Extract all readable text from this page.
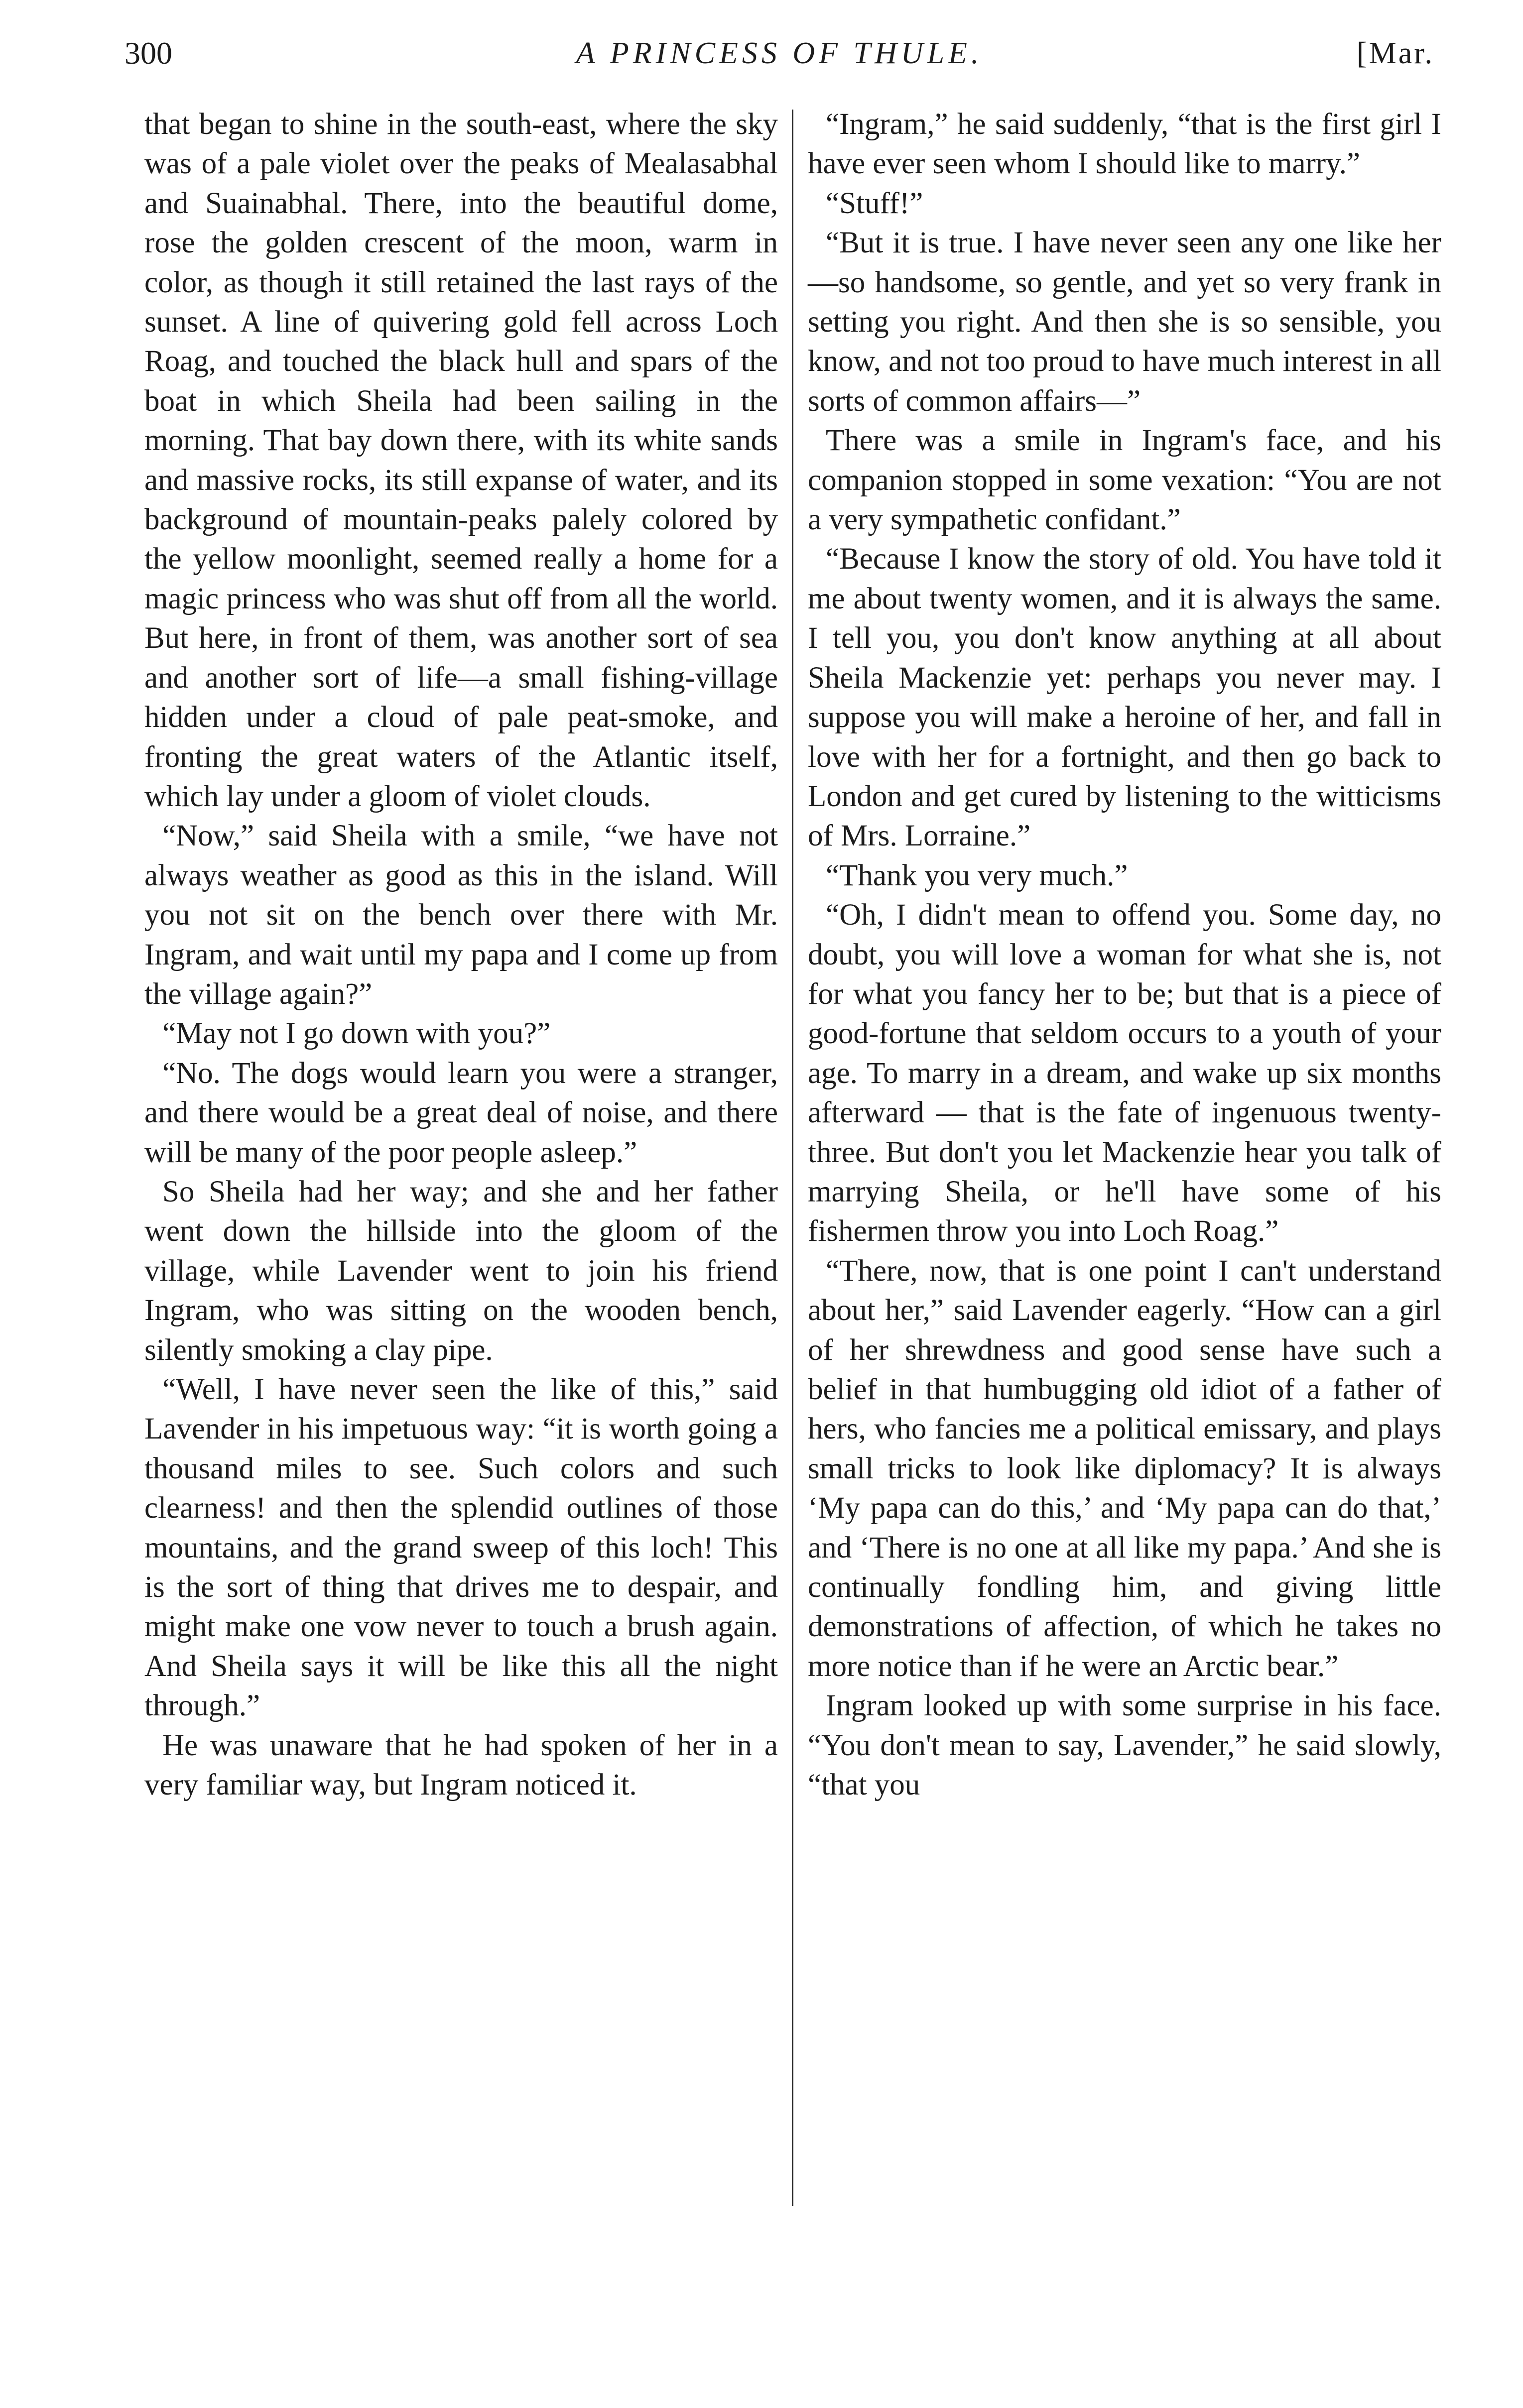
300	A PRINCESS OF THULE.	[Mar.

that began to shine in the south-east, where the sky was of a pale violet over the peaks of Mealasabhal and Suainabhal. There, into the beautiful dome, rose the golden crescent of the moon, warm in color, as though it still retained the last rays of the sunset. A line of quivering gold fell across Loch Roag, and touched the black hull and spars of the boat in which Sheila had been sailing in the morning. That bay down there, with its white sands and massive rocks, its still expanse of water, and its background of mountain-peaks palely colored by the yellow moonlight, seemed really a home for a magic princess who was shut off from all the world. But here, in front of them, was another sort of sea and another sort of life—a small fishing-village hidden under a cloud of pale peat-smoke, and fronting the great waters of the Atlantic itself, which lay under a gloom of violet clouds.

“Now,” said Sheila with a smile, “we have not always weather as good as this in the island. Will you not sit on the bench over there with Mr. Ingram, and wait until my papa and I come up from the village again?”

“May not I go down with you?”

“No. The dogs would learn you were a stranger, and there would be a great deal of noise, and there will be many of the poor people asleep.”

So Sheila had her way; and she and her father went down the hillside into the gloom of the village, while Lavender went to join his friend Ingram, who was sitting on the wooden bench, silently smoking a clay pipe.

“Well, I have never seen the like of this,” said Lavender in his impetuous way: “it is worth going a thousand miles to see. Such colors and such clearness! and then the splendid outlines of those mountains, and the grand sweep of this loch! This is the sort of thing that drives me to despair, and might make one vow never to touch a brush again. And Sheila says it will be like this all the night through.”

He was unaware that he had spoken of her in a very familiar way, but Ingram noticed it.

“Ingram,” he said suddenly, “that is the first girl I have ever seen whom I should like to marry.”

“Stuff!”

“But it is true. I have never seen any one like her—so handsome, so gentle, and yet so very frank in setting you right. And then she is so sensible, you know, and not too proud to have much interest in all sorts of common affairs—”

There was a smile in Ingram's face, and his companion stopped in some vexation: “You are not a very sympathetic confidant.”

“Because I know the story of old. You have told it me about twenty women, and it is always the same. I tell you, you don't know anything at all about Sheila Mackenzie yet: perhaps you never may. I suppose you will make a heroine of her, and fall in love with her for a fortnight, and then go back to London and get cured by listening to the witticisms of Mrs. Lorraine.”

“Thank you very much.”

“Oh, I didn't mean to offend you. Some day, no doubt, you will love a woman for what she is, not for what you fancy her to be; but that is a piece of good-fortune that seldom occurs to a youth of your age. To marry in a dream, and wake up six months afterward — that is the fate of ingenuous twenty-three. But don't you let Mackenzie hear you talk of marrying Sheila, or he'll have some of his fishermen throw you into Loch Roag.”

“There, now, that is one point I can't understand about her,” said Lavender eagerly. “How can a girl of her shrewdness and good sense have such a belief in that humbugging old idiot of a father of hers, who fancies me a political emissary, and plays small tricks to look like diplomacy? It is always ‘My papa can do this,’ and ‘My papa can do that,’ and ‘There is no one at all like my papa.’ And she is continually fondling him, and giving little demonstrations of affection, of which he takes no more notice than if he were an Arctic bear.”

Ingram looked up with some surprise in his face. “You don't mean to say, Lavender,” he said slowly, “that you
